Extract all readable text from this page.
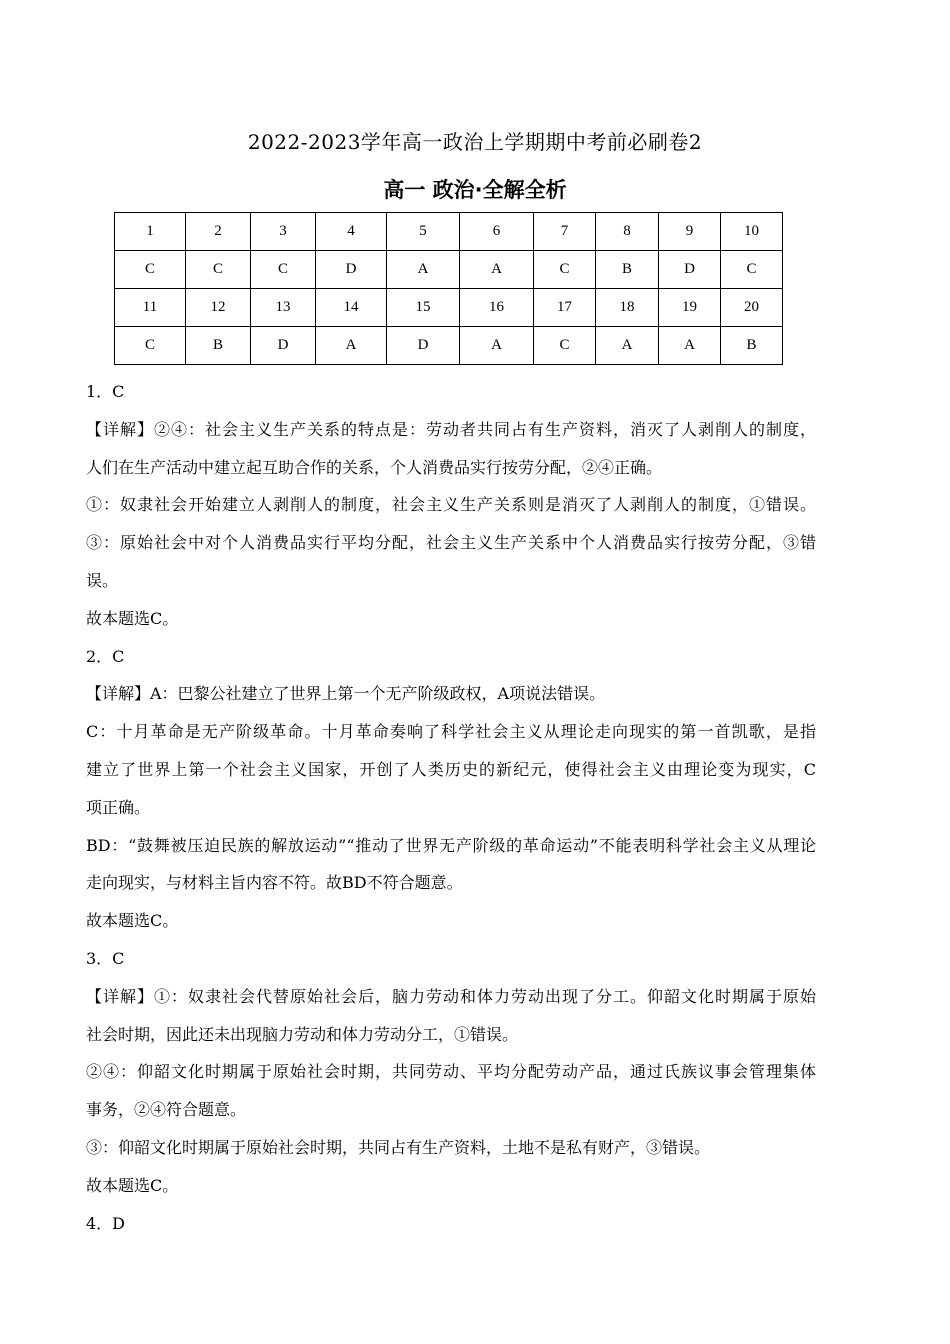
2022-2023学年高一政治上学期期中考前必刷卷2
高一 政治·全解全析
1	2	3	4	5	6	7	8	9	10
C	C	C	D	A	A	C	B	D	C
11	12	13	14	15	16	17	18	19	20
C	B	D	A	D	A	C	A	A	B
1．C
【详解】②④：社会主义生产关系的特点是：劳动者共同占有生产资料，消灭了人剥削人的制度，
人们在生产活动中建立起互助合作的关系，个人消费品实行按劳分配，②④正确。
①：奴隶社会开始建立人剥削人的制度，社会主义生产关系则是消灭了人剥削人的制度，①错误。
③：原始社会中对个人消费品实行平均分配，社会主义生产关系中个人消费品实行按劳分配，③错
误。
故本题选C。
2．C
【详解】A：巴黎公社建立了世界上第一个无产阶级政权，A项说法错误。
C：十月革命是无产阶级革命。十月革命奏响了科学社会主义从理论走向现实的第一首凯歌，是指
建立了世界上第一个社会主义国家，开创了人类历史的新纪元，使得社会主义由理论变为现实，C
项正确。
BD：“鼓舞被压迫民族的解放运动”“推动了世界无产阶级的革命运动”不能表明科学社会主义从理论
走向现实，与材料主旨内容不符。故BD不符合题意。
故本题选C。
3．C
【详解】①：奴隶社会代替原始社会后，脑力劳动和体力劳动出现了分工。仰韶文化时期属于原始
社会时期，因此还未出现脑力劳动和体力劳动分工，①错误。
②④：仰韶文化时期属于原始社会时期，共同劳动、平均分配劳动产品，通过氏族议事会管理集体
事务，②④符合题意。
③：仰韶文化时期属于原始社会时期，共同占有生产资料，土地不是私有财产，③错误。
故本题选C。
4．D
